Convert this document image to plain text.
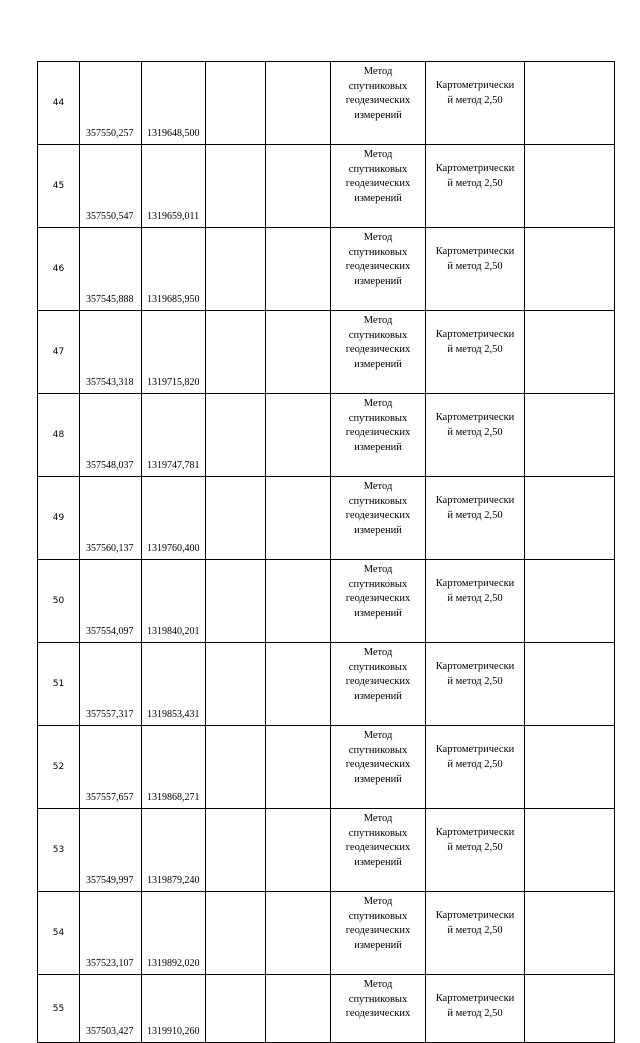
44	357550,257	1319648,500			Метод
спутниковых
геодезических
измерений	Картометрически
й метод 2,50	

45	357550,547	1319659,011			Метод
спутниковых
геодезических
измерений	Картометрически
й метод 2,50	

46	357545,888	1319685,950			Метод
спутниковых
геодезических
измерений	Картометрически
й метод 2,50	

47	357543,318	1319715,820			Метод
спутниковых
геодезических
измерений	Картометрически
й метод 2,50	

48	357548,037	1319747,781			Метод
спутниковых
геодезических
измерений	Картометрически
й метод 2,50	

49	357560,137	1319760,400			Метод
спутниковых
геодезических
измерений	Картометрически
й метод 2,50	

50	357554,097	1319840,201			Метод
спутниковых
геодезических
измерений	Картометрически
й метод 2,50	

51	357557,317	1319853,431			Метод
спутниковых
геодезических
измерений	Картометрически
й метод 2,50	

52	357557,657	1319868,271			Метод
спутниковых
геодезических
измерений	Картометрически
й метод 2,50	

53	357549,997	1319879,240			Метод
спутниковых
геодезических
измерений	Картометрически
й метод 2,50	

54	357523,107	1319892,020			Метод
спутниковых
геодезических
измерений	Картометрически
й метод 2,50	

55	357503,427	1319910,260			Метод
спутниковых
геодезических	Картометрически
й метод 2,50	
